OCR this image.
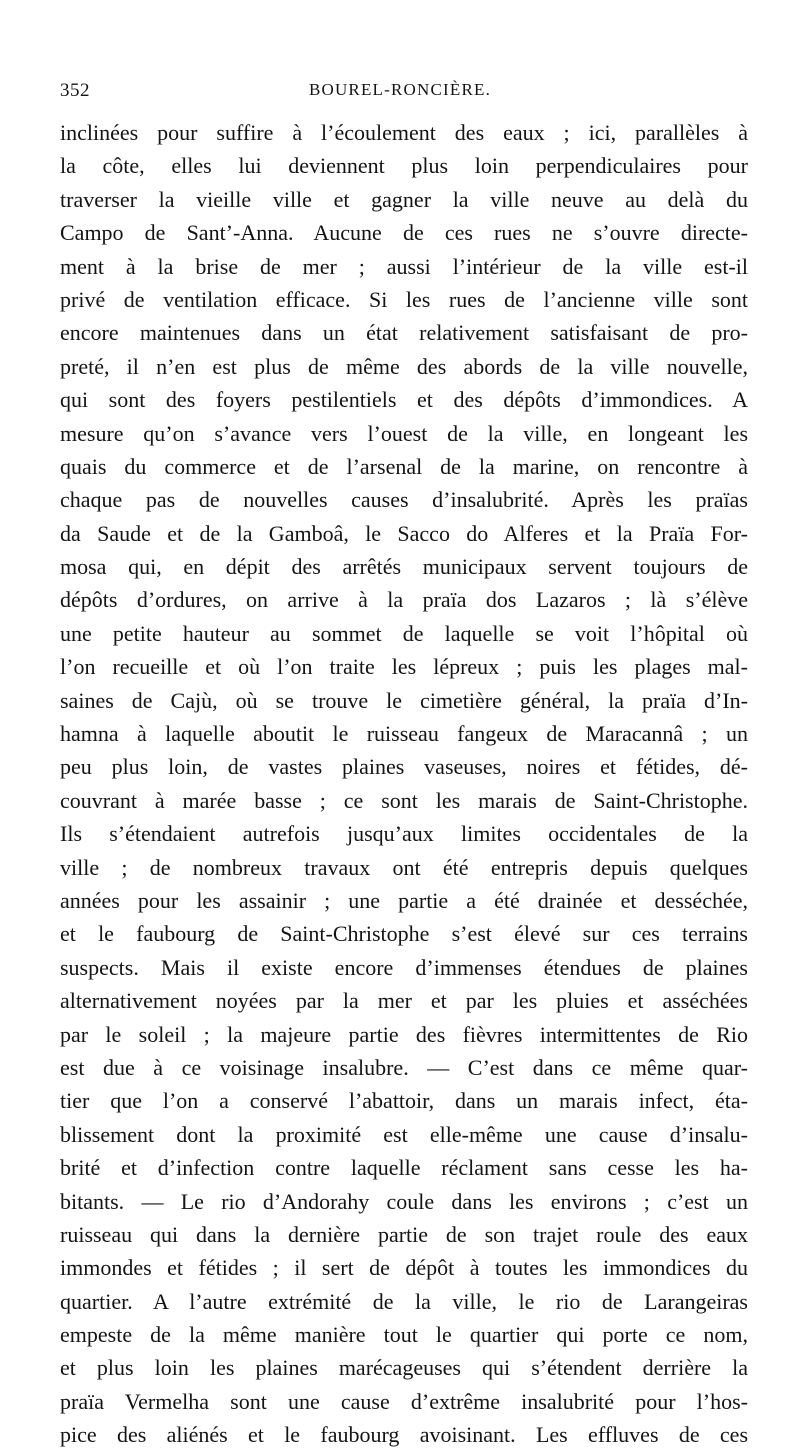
352	BOUREL-RONCIÈRE.
inclinées pour suffire à l’écoulement des eaux ; ici, parallèles à
la côte, elles lui deviennent plus loin perpendiculaires pour
traverser la vieille ville et gagner la ville neuve au delà du
Campo de Sant’-Anna. Aucune de ces rues ne s’ouvre directe-
ment à la brise de mer ; aussi l’intérieur de la ville est-il
privé de ventilation efficace. Si les rues de l’ancienne ville sont
encore maintenues dans un état relativement satisfaisant de pro-
preté, il n’en est plus de même des abords de la ville nouvelle,
qui sont des foyers pestilentiels et des dépôts d’immondices. A
mesure qu’on s’avance vers l’ouest de la ville, en longeant les
quais du commerce et de l’arsenal de la marine, on rencontre à
chaque pas de nouvelles causes d’insalubrité. Après les praïas
da Saude et de la Gamboâ, le Sacco do Alferes et la Praïa For-
mosa qui, en dépit des arrêtés municipaux servent toujours de
dépôts d’ordures, on arrive à la praïa dos Lazaros ; là s’élève
une petite hauteur au sommet de laquelle se voit l’hôpital où
l’on recueille et où l’on traite les lépreux ; puis les plages mal-
saines de Cajù, où se trouve le cimetière général, la praïa d’In-
hamna à laquelle aboutit le ruisseau fangeux de Maracannâ ; un
peu plus loin, de vastes plaines vaseuses, noires et fétides, dé-
couvrant à marée basse ; ce sont les marais de Saint-Christophe.
Ils s’étendaient autrefois jusqu’aux limites occidentales de la
ville ; de nombreux travaux ont été entrepris depuis quelques
années pour les assainir ; une partie a été drainée et desséchée,
et le faubourg de Saint-Christophe s’est élevé sur ces terrains
suspects. Mais il existe encore d’immenses étendues de plaines
alternativement noyées par la mer et par les pluies et asséchées
par le soleil ; la majeure partie des fièvres intermittentes de Rio
est due à ce voisinage insalubre. — C’est dans ce même quar-
tier que l’on a conservé l’abattoir, dans un marais infect, éta-
blissement dont la proximité est elle-même une cause d’insalu-
brité et d’infection contre laquelle réclament sans cesse les ha-
bitants. — Le rio d’Andorahy coule dans les environs ; c’est un
ruisseau qui dans la dernière partie de son trajet roule des eaux
immondes et fétides ; il sert de dépôt à toutes les immondices du
quartier. A l’autre extrémité de la ville, le rio de Larangeiras
empeste de la même manière tout le quartier qui porte ce nom,
et plus loin les plaines marécageuses qui s’étendent derrière la
praïa Vermelha sont une cause d’extrême insalubrité pour l’hos-
pice des aliénés et le faubourg avoisinant. Les effluves de ces
